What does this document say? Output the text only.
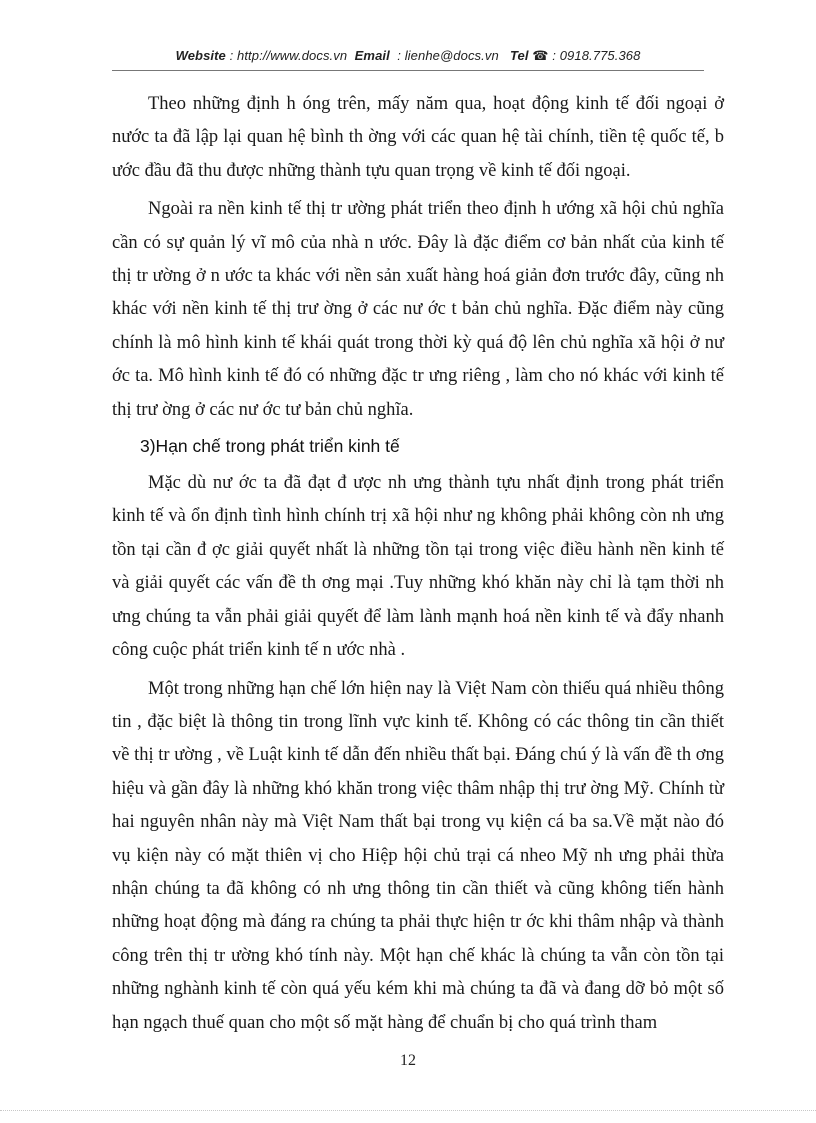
Website : http://www.docs.vn Email : lienhe@docs.vn Tel ☎ : 0918.775.368

Theo những định h óng trên, mấy năm qua, hoạt động kinh tế đối ngoại ở nước ta đã lập lại quan hệ bình th ờng với các quan hệ tài chính, tiền tệ quốc tế, b ước đầu đã thu được những thành tựu quan trọng về kinh tế đối ngoại.

Ngoài ra nền kinh tế thị tr ường phát triển theo định h ướng xã hội chủ nghĩa cần có sự quản lý vĩ mô của nhà n ước. Đây là đặc điểm cơ bản nhất của kinh tế thị tr ường ở n ước ta khác với nền sản xuất hàng hoá giản đơn trước đây, cũng nh khác với nền kinh tế thị trư ờng ở các nư ớc t bản chủ nghĩa. Đặc điểm này cũng chính là mô hình kinh tế khái quát trong thời kỳ quá độ lên chủ nghĩa xã hội ở nư ớc ta. Mô hình kinh tế đó có những đặc tr ưng riêng , làm cho nó khác với kinh tế thị trư ờng ở các nư ớc tư bản chủ nghĩa.

3)Hạn chế trong phát triển kinh tế

Mặc dù nư ớc ta đã đạt đ ược nh ưng thành tựu nhất định trong phát triển kinh tế và ổn định tình hình chính trị xã hội như ng không phải không còn nh ưng tồn tại cần đ ợc giải quyết nhất là những tồn tại trong việc điều hành nền kinh tế và giải quyết các vấn đề th ơng mại .Tuy những khó khăn này chỉ là tạm thời nh ưng chúng ta vẫn phải giải quyết để làm lành mạnh hoá nền kinh tế và đẩy nhanh công cuộc phát triển kinh tế n ước nhà .

Một trong những hạn chế lớn hiện nay là Việt Nam còn thiếu quá nhiều thông tin , đặc biệt là thông tin trong lĩnh vực kinh tế. Không có các thông tin cần thiết về thị tr ường , về Luật kinh tế dẫn đến nhiều thất bại. Đáng chú ý là vấn đề th ơng hiệu và gần đây là những khó khăn trong việc thâm nhập thị trư ờng Mỹ. Chính từ hai nguyên nhân này mà Việt Nam thất bại trong vụ kiện cá ba sa.Về mặt nào đó vụ kiện này có mặt thiên vị cho Hiệp hội chủ trại cá nheo Mỹ nh ưng phải thừa nhận chúng ta đã không có nh ưng thông tin cần thiết và cũng không tiến hành những hoạt động mà đáng ra chúng ta phải thực hiện tr ớc khi thâm nhập và thành công trên thị tr ường khó tính này. Một hạn chế khác là chúng ta vẫn còn tồn tại những nghành kinh tế còn quá yếu kém khi mà chúng ta đã và đang dỡ bỏ một số hạn ngạch thuế quan cho một số mặt hàng để chuẩn bị cho quá trình tham

12
